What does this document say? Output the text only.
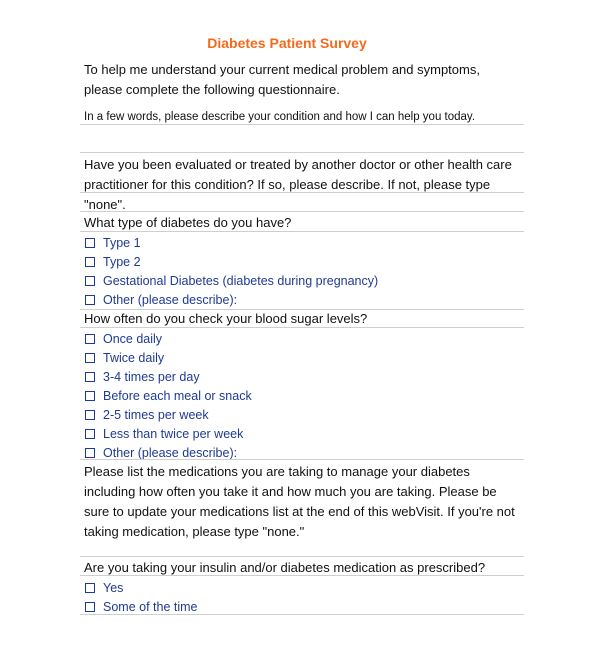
Diabetes Patient Survey
To help me understand your current medical problem and symptoms, please complete the following questionnaire.
In a few words, please describe your condition and how I can help you today.
Have you been evaluated or treated by another doctor or other health care practitioner for this condition? If so, please describe. If not, please type "none".
What type of diabetes do you have?
Type 1
Type 2
Gestational Diabetes (diabetes during pregnancy)
Other (please describe):
How often do you check your blood sugar levels?
Once daily
Twice daily
3-4 times per day
Before each meal or snack
2-5 times per week
Less than twice per week
Other (please describe):
Please list the medications you are taking to manage your diabetes including how often you take it and how much you are taking. Please be sure to update your medications list at the end of this webVisit. If you're not taking medication, please type "none."
Are you taking your insulin and/or diabetes medication as prescribed?
Yes
Some of the time
